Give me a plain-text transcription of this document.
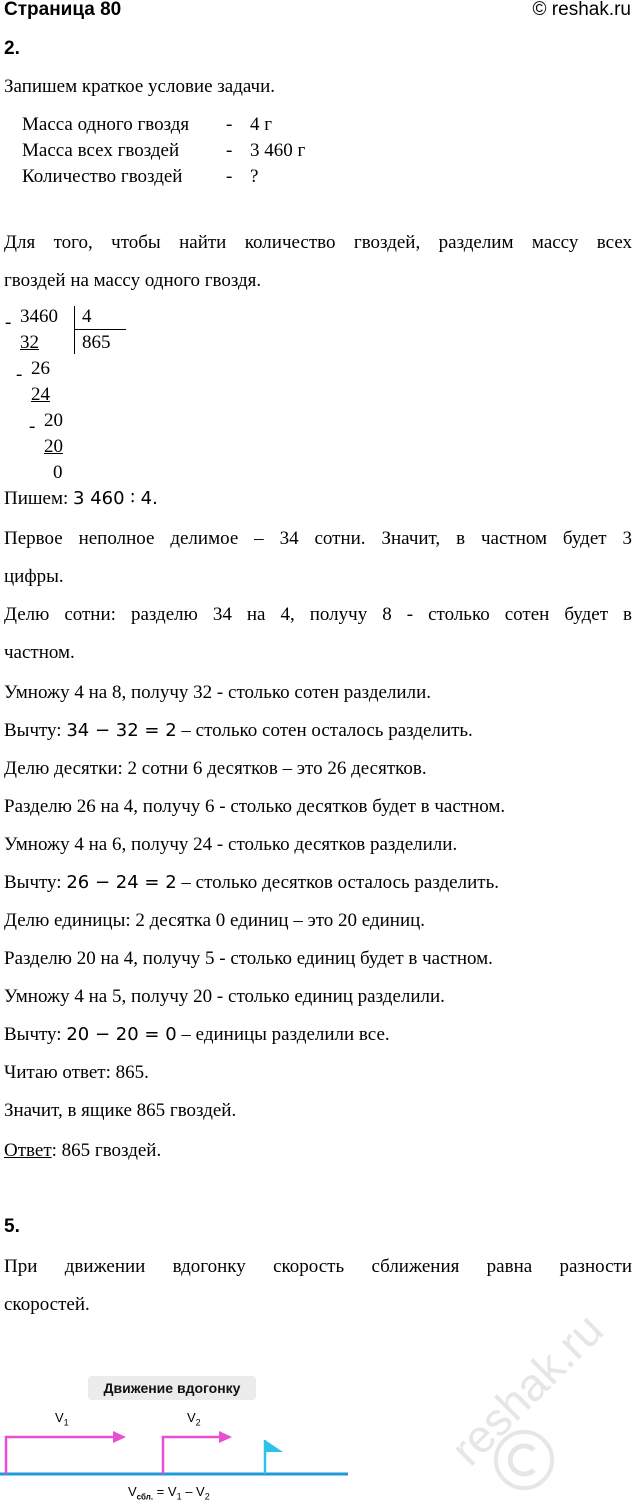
Страница 80	© reshak.ru
2.
Запишем краткое условие задачи.
Масса одного гвоздя - 4 г
Масса всех гвоздей - 3 460 г
Количество гвоздей - ?
Для того, чтобы найти количество гвоздей, разделим массу всех
гвоздей на массу одного гвоздя.
- 3460 4
865
32
- 26
24
- 20
20
0
Пишем: 3 460 ∶ 4.
Первое неполное делимое – 34 сотни. Значит, в частном будет 3
цифры.
Делю сотни: разделю 34 на 4, получу 8 - столько сотен будет в
частном.
Умножу 4 на 8, получу 32 - столько сотен разделили.
Вычту: 34 − 32 = 2 – столько сотен осталось разделить.
Делю десятки: 2 сотни 6 десятков – это 26 десятков.
Разделю 26 на 4, получу 6 - столько десятков будет в частном.
Умножу 4 на 6, получу 24 - столько десятков разделили.
Вычту: 26 − 24 = 2 – столько десятков осталось разделить.
Делю единицы: 2 десятка 0 единиц – это 20 единиц.
Разделю 20 на 4, получу 5 - столько единиц будет в частном.
Умножу 4 на 5, получу 20 - столько единиц разделили.
Вычту: 20 − 20 = 0 – единицы разделили все.
Читаю ответ: 865.
Значит, в ящике 865 гвоздей.
Ответ: 865 гвоздей.
5.
При движении вдогонку скорость сближения равна разности
скоростей.
Движение вдогонку
$V_1$	$V_2$
$V_{сбл.} = V_1 - V_2$
reshak.ru
